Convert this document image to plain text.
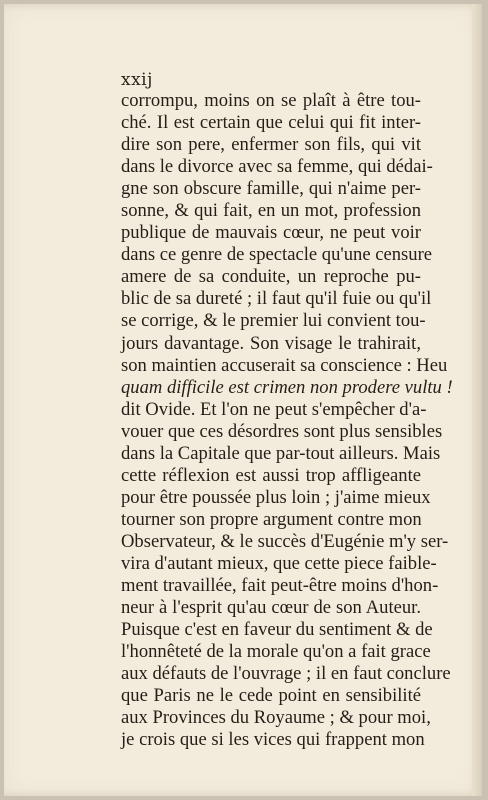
xxij
corrompu, moins on se plaît à être tou-
ché. Il est certain que celui qui fit inter-
dire son pere, enfermer son fils, qui vit
dans le divorce avec sa femme, qui dédai-
gne son obscure famille, qui n'aime per-
sonne, & qui fait, en un mot, profession
publique de mauvais cœur, ne peut voir
dans ce genre de spectacle qu'une censure
amere de sa conduite, un reproche pu-
blic de sa dureté ; il faut qu'il fuie ou qu'il
se corrige, & le premier lui convient tou-
jours davantage. Son visage le trahirait,
son maintien accuserait sa conscience : Heu
quam difficile est crimen non prodere vultu !
dit Ovide. Et l'on ne peut s'empêcher d'a-
vouer que ces désordres sont plus sensibles
dans la Capitale que par-tout ailleurs. Mais
cette réflexion est aussi trop affligeante
pour être poussée plus loin ; j'aime mieux
tourner son propre argument contre mon
Observateur, & le succès d'Eugénie m'y ser-
vira d'autant mieux, que cette piece faible-
ment travaillée, fait peut-être moins d'hon-
neur à l'esprit qu'au cœur de son Auteur.
Puisque c'est en faveur du sentiment & de
l'honnêteté de la morale qu'on a fait grace
aux défauts de l'ouvrage ; il en faut conclure
que Paris ne le cede point en sensibilité
aux Provinces du Royaume ; & pour moi,
je crois que si les vices qui frappent mon
